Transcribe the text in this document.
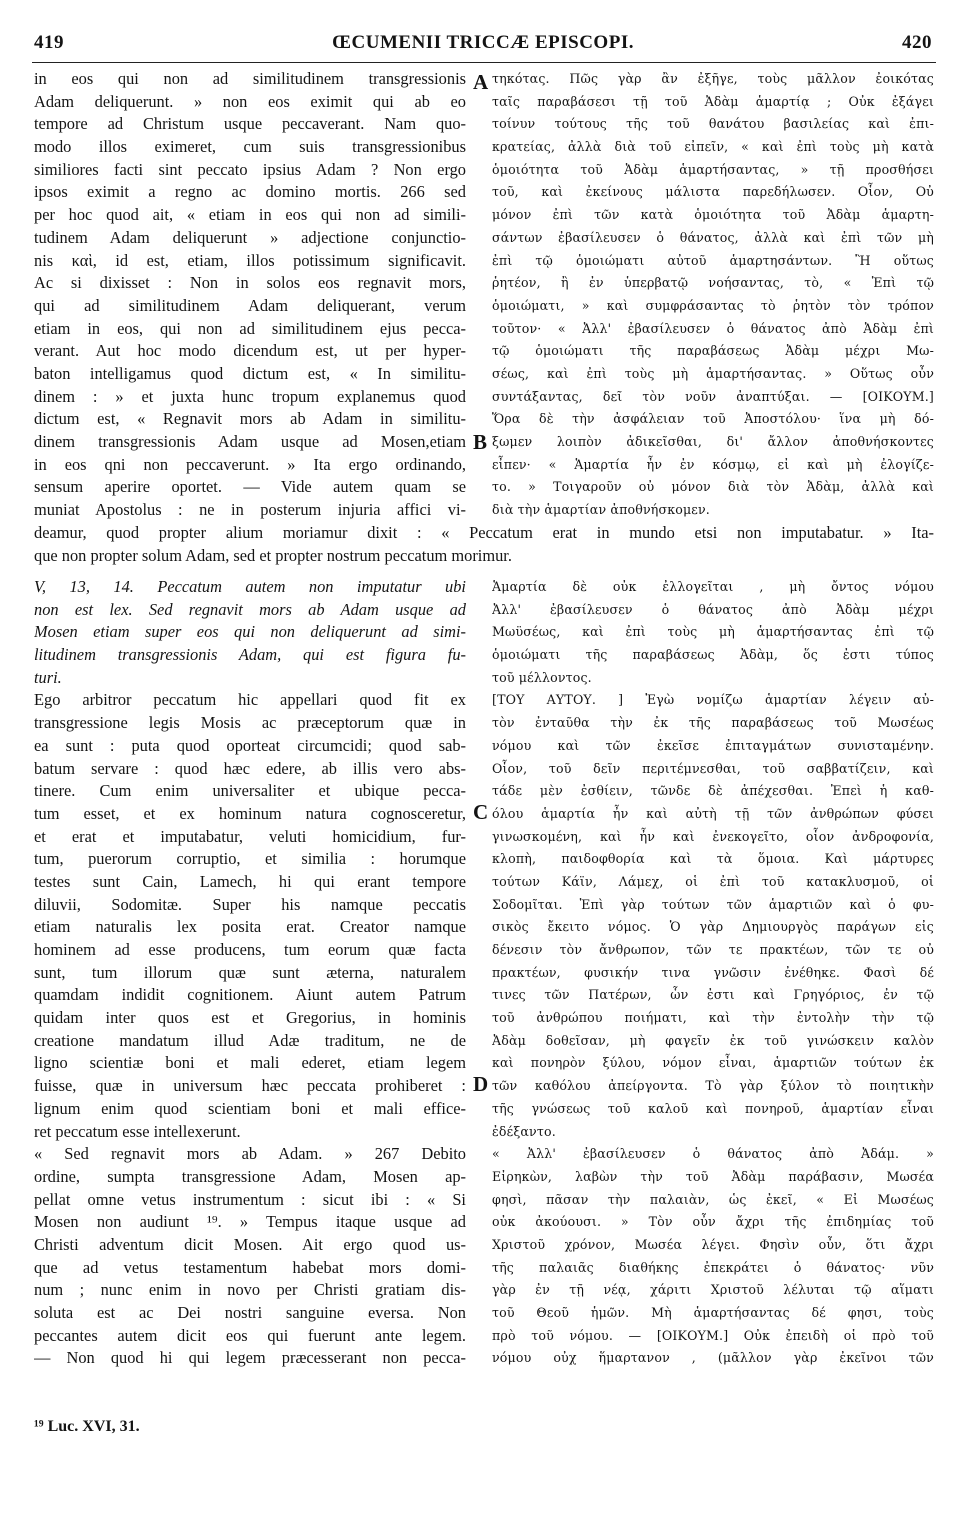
419	ŒCUMENII TRICCÆ EPISCOPI.	420
A
B
C
D
in eos qui non ad similitudinem transgressionis
Adam deliquerunt. » non eos eximit qui ab eo
tempore ad Christum usque peccaverant. Nam quo-
modo illos eximeret, cum suis transgressionibus
similiores facti sint peccato ipsius Adam ? Non ergo
ipsos eximit a regno ac domino mortis. 266 sed
per hoc quod ait, « etiam in eos qui non ad simili-
tudinem Adam deliquerunt » adjectione conjunctio-
nis καὶ, id est, etiam, illos potissimum significavit.
Ac si dixisset : Non in solos eos regnavit mors,
qui ad similitudinem Adam deliquerant, verum
etiam in eos, qui non ad similitudinem ejus pecca-
verant. Aut hoc modo dicendum est, ut per hyper-
baton intelligamus quod dictum est, « In similitu-
dinem : » et juxta hunc tropum explanemus quod
dictum est, « Regnavit mors ab Adam in similitu-
dinem transgressionis Adam usque ad Mosen,etiam
in eos qni non peccaverunt. » Ita ergo ordinando,
sensum aperire oportet. — Vide autem quam se
muniat Apostolus : ne in posterum injuria affici vi-
τηκότας. Πῶς γὰρ ἂν ἐξῆγε, τοὺς μᾶλλον ἐοικότας
ταῖς παραβάσεσι τῇ τοῦ Ἀδὰμ ἁμαρτίᾳ ; Οὐκ ἐξάγει
τοίνυν τούτους τῆς τοῦ θανάτου βασιλείας καὶ ἐπι-
κρατείας, ἀλλὰ διὰ τοῦ εἰπεῖν, « καὶ ἐπὶ τοὺς μὴ κατὰ
ὁμοιότητα τοῦ Ἀδὰμ ἁμαρτήσαντας, » τῇ προσθήσει
τοῦ, καὶ ἐκείνους μάλιστα παρεδήλωσεν. Οἷον, Οὐ
μόνον ἐπὶ τῶν κατὰ ὁμοιότητα τοῦ Ἀδὰμ ἁμαρτη-
σάντων ἐβασίλευσεν ὁ θάνατος, ἀλλὰ καὶ ἐπὶ τῶν μὴ
ἐπὶ τῷ ὁμοιώματι αὐτοῦ ἁμαρτησάντων. Ἢ οὕτως
ῥητέον, ἢ ἐν ὑπερβατῷ νοήσαντας, τὸ, « Ἐπὶ τῷ
ὁμοιώματι, » καὶ συμφράσαντας τὸ ῥητὸν τὸν τρόπον
τοῦτον· « Ἀλλ' ἐβασίλευσεν ὁ θάνατος ἀπὸ Ἀδὰμ ἐπὶ
τῷ ὁμοιώματι τῆς παραβάσεως Ἀδὰμ μέχρι Μω-
σέως, καὶ ἐπὶ τοὺς μὴ ἁμαρτήσαντας. » Οὕτως οὖν
συντάξαντας, δεῖ τὸν νοῦν ἀναπτύξαι. — [ΟΙΚΟΥΜ.]
Ὅρα δὲ τὴν ἀσφάλειαν τοῦ Ἀποστόλου· ἵνα μὴ δό-
ξωμεν λοιπὸν ἀδικεῖσθαι, δι' ἄλλον ἀποθνήσκοντες
εἶπεν· « Ἁμαρτία ἦν ἐν κόσμῳ, εἰ καὶ μὴ ἐλογίζε-
το. » Τοιγαροῦν οὐ μόνον διὰ τὸν Ἀδὰμ, ἀλλὰ καὶ
διὰ τὴν ἁμαρτίαν ἀποθνήσκομεν.
deamur, quod propter alium moriamur dixit : « Peccatum erat in mundo etsi non imputabatur. » Ita-
que non propter solum Adam, sed et propter nostrum peccatum morimur.
V, 13, 14. Peccatum autem non imputatur ubi
non est lex. Sed regnavit mors ab Adam usque ad
Mosen etiam super eos qui non deliquerunt ad simi-
litudinem transgressionis Adam, qui est figura fu-
turi.
Ego arbitror peccatum hic appellari quod fit ex
transgressione legis Mosis ac præceptorum quæ in
ea sunt : puta quod oporteat circumcidi; quod sab-
batum servare : quod hæc edere, ab illis vero abs-
tinere. Cum enim universaliter et ubique pecca-
tum esset, et ex hominum natura cognosceretur,
et erat et imputabatur, veluti homicidium, fur-
tum, puerorum corruptio, et similia : horumque
testes sunt Cain, Lamech, hi qui erant tempore
diluvii, Sodomitæ. Super his namque peccatis
etiam naturalis lex posita erat. Creator namque
hominem ad esse producens, tum eorum quæ facta
sunt, tum illorum quæ sunt æterna, naturalem
quamdam indidit cognitionem. Aiunt autem Patrum
quidam inter quos est et Gregorius, in hominis
creatione mandatum illud Adæ traditum, ne de
ligno scientiæ boni et mali ederet, etiam legem
fuisse, quæ in universum hæc peccata prohiberet :
lignum enim quod scientiam boni et mali effice-
ret peccatum esse intellexerunt.
« Sed regnavit mors ab Adam. » 267 Debito
ordine, sumpta transgressione Adam, Mosen ap-
pellat omne vetus instrumentum : sicut ibi : « Si
Mosen non audiunt ¹⁹. » Tempus itaque usque ad
Christi adventum dicit Mosen. Ait ergo quod us-
que ad vetus testamentum habebat mors domi-
num ; nunc enim in novo per Christi gratiam dis-
soluta est ac Dei nostri sanguine eversa. Non
peccantes autem dicit eos qui fuerunt ante legem.
— Non quod hi qui legem præcesserant non pecca-
Ἁμαρτία δὲ οὐκ ἐλλογεῖται , μὴ ὄντος νόμου
Ἀλλ' ἐβασίλευσεν ὁ θάνατος ἀπὸ Ἀδὰμ μέχρι
Μωϋσέως, καὶ ἐπὶ τοὺς μὴ ἁμαρτήσαντας ἐπὶ τῷ
ὁμοιώματι τῆς παραβάσεως Ἀδὰμ, ὅς ἐστι τύπος
τοῦ μέλλοντος.
[ΤΟΥ ΑΥΤΟΥ. ] Ἐγὼ νομίζω ἁμαρτίαν λέγειν αὐ-
τὸν ἐνταῦθα τὴν ἐκ τῆς παραβάσεως τοῦ Μωσέως
νόμου καὶ τῶν ἐκεῖσε ἐπιταγμάτων συνισταμένην.
Οἷον, τοῦ δεῖν περιτέμνεσθαι, τοῦ σαββατίζειν, καὶ
τάδε μὲν ἐσθίειν, τῶνδε δὲ ἀπέχεσθαι. Ἐπεὶ ἡ καθ-
όλου ἁμαρτία ἦν καὶ αὐτὴ τῇ τῶν ἀνθρώπων φύσει
γινωσκομένη, καὶ ἦν καὶ ἐνεκογεῖτο, οἷον ἀνδροφονία,
κλοπὴ, παιδοφθορία καὶ τὰ ὅμοια. Καὶ μάρτυρες
τούτων Κάϊν, Λάμεχ, οἱ ἐπὶ τοῦ κατακλυσμοῦ, οἱ
Σοδομῖται. Ἐπὶ γὰρ τούτων τῶν ἁμαρτιῶν καὶ ὁ φυ-
σικὸς ἔκειτο νόμος. Ὁ γὰρ Δημιουργὸς παράγων εἰς
δένεσιν τὸν ἄνθρωπον, τῶν τε πρακτέων, τῶν τε οὐ
πρακτέων, φυσικήν τινα γνῶσιν ἐνέθηκε. Φασὶ δέ
τινες τῶν Πατέρων, ὧν ἐστι καὶ Γρηγόριος, ἐν τῷ
τοῦ ἀνθρώπου ποιήματι, καὶ τὴν ἐντολὴν τὴν τῷ
Ἀδὰμ δοθεῖσαν, μὴ φαγεῖν ἐκ τοῦ γινώσκειν καλὸν
καὶ πονηρὸν ξύλου, νόμον εἶναι, ἁμαρτιῶν τούτων ἐκ
τῶν καθόλου ἀπείργοντα. Τὸ γὰρ ξύλον τὸ ποιητικὴν
τῆς γνώσεως τοῦ καλοῦ καὶ πονηροῦ, ἁμαρτίαν εἶναι
ἐδέξαντο.
« Ἀλλ' ἐβασίλευσεν ὁ θάνατος ἀπὸ Ἀδάμ. »
Εἰρηκὼν, λαβὼν τὴν τοῦ Ἀδὰμ παράβασιν, Μωσέα
φησὶ, πᾶσαν τὴν παλαιὰν, ὡς ἐκεῖ, « Εἰ Μωσέως
οὐκ ἀκούουσι. » Τὸν οὖν ἄχρι τῆς ἐπιδημίας τοῦ
Χριστοῦ χρόνον, Μωσέα λέγει. Φησὶν οὖν, ὅτι ἄχρι
τῆς παλαιᾶς διαθήκης ἐπεκράτει ὁ θάνατος· νῦν
γὰρ ἐν τῇ νέᾳ, χάριτι Χριστοῦ λέλυται τῷ αἵματι
τοῦ Θεοῦ ἡμῶν. Μὴ ἁμαρτήσαντας δέ φησι, τοὺς
πρὸ τοῦ νόμου. — [ΟΙΚΟΥΜ.] Οὐκ ἐπειδὴ οἱ πρὸ τοῦ
νόμου οὐχ ἥμαρτανον , (μᾶλλον γὰρ ἐκεῖνοι τῶν
¹⁹ Luc. XVI, 31.
